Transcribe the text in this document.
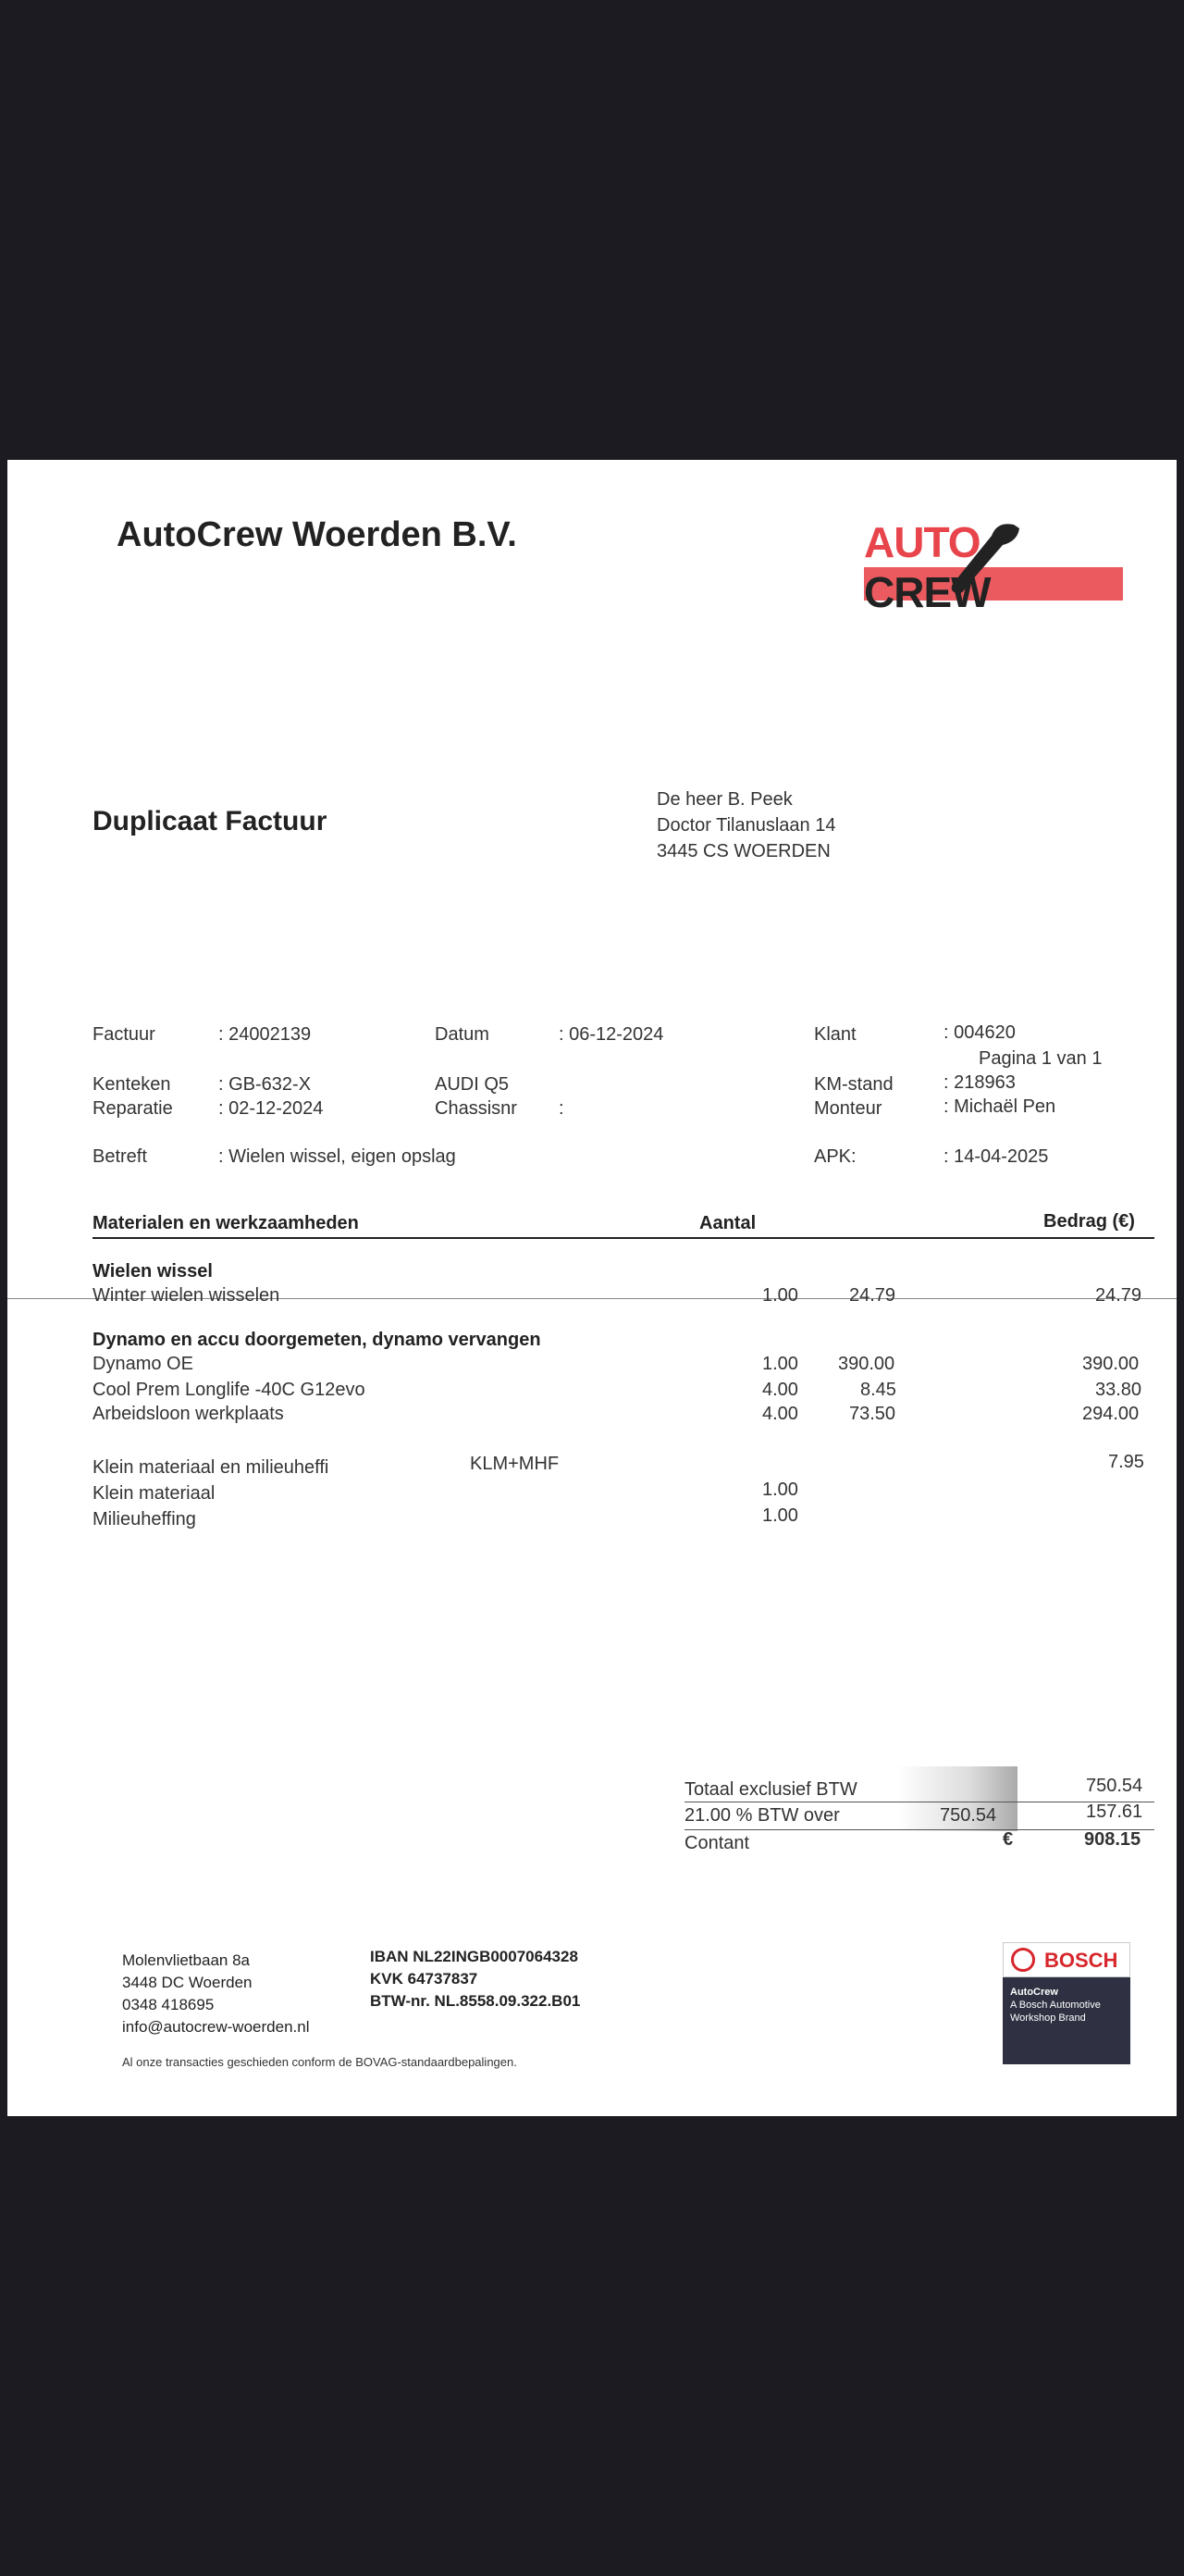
AutoCrew Woerden B.V.	AUTOCREW
Duplicaat Factuur
De heer B. Peek
Doctor Tilanuslaan 14
3445 CS WOERDEN
Factuur	: 24002139	Datum	: 06-12-2024	Klant	: 004620
Pagina 1 van 1
Kenteken	: GB-632-X	AUDI Q5	KM-stand	: 218963
Reparatie : 02-12-2024	Chassisnr :	Monteur	: Michaël Pen
Betreft	: Wielen wissel, eigen opslag	APK:	: 14-04-2025
Materialen en werkzaamheden	Aantal	Bedrag (€)
Wielen wissel
Winter wielen wisselen	1.00	24.79	24.79
Dynamo en accu doorgemeten, dynamo vervangen
Dynamo OE	1.00 390.00	390.00
Cool Prem Longlife -40C G12evo	4.00	8.45	33.80
Arbeidsloon werkplaats	4.00	73.50	294.00
Klein materiaal en milieuheffi	KLM+MHF	7.95
Klein materiaal	1.00
Milieuheffing	1.00
Totaal exclusief BTW	750.54
21.00 % BTW over	750.54	157.61
Contant	€	908.15
Molenvlietbaan 8a
3448 DC Woerden
0348 418695
info@autocrew-woerden.nl
IBAN NL22INGB0007064328
KVK 64737837
BTW-nr. NL.8558.09.322.B01
Al onze transacties geschieden conform de BOVAG-standaardbepalingen.
BOSCH
AutoCrew
A Bosch Automotive
Workshop Brand
